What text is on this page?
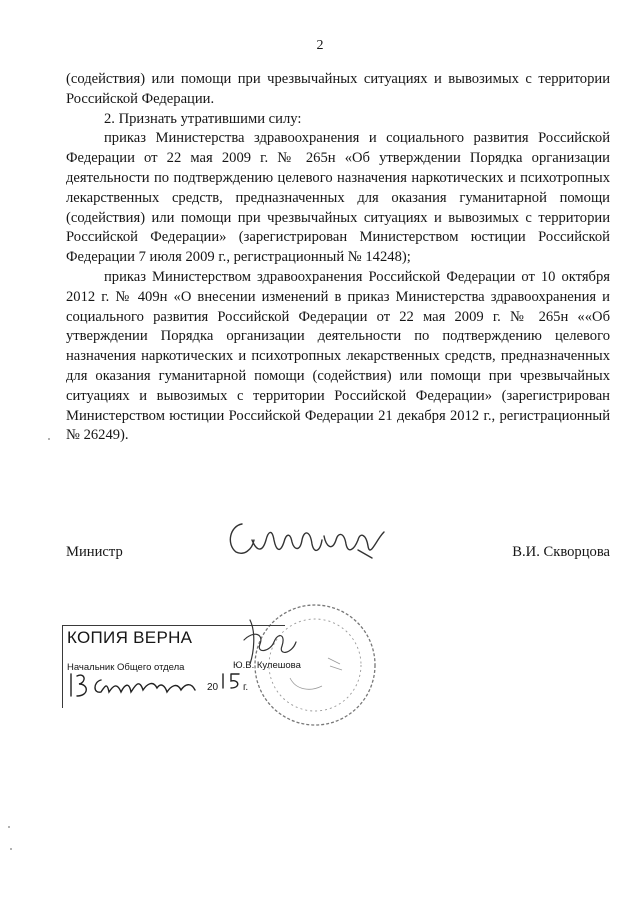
2

(содействия) или помощи при чрезвычайных ситуациях и вывозимых с территории Российской Федерации.

2. Признать утратившими силу:

приказ Министерства здравоохранения и социального развития Российской Федерации от 22 мая 2009 г. № 265н «Об утверждении Порядка организации деятельности по подтверждению целевого назначения наркотических и психотропных лекарственных средств, предназначенных для оказания гуманитарной помощи (содействия) или помощи при чрезвычайных ситуациях и вывозимых с территории Российской Федерации» (зарегистрирован Министерством юстиции Российской Федерации 7 июля 2009 г., регистрационный № 14248);

приказ Министерством здравоохранения Российской Федерации от 10 октября 2012 г. № 409н «О внесении изменений в приказ Министерства здравоохранения и социального развития Российской Федерации от 22 мая 2009 г. № 265н ««Об утверждении Порядка организации деятельности по подтверждению целевого назначения наркотических и психотропных лекарственных средств, предназначенных для оказания гуманитарной помощи (содействия) или помощи при чрезвычайных ситуациях и вывозимых с территории Российской Федерации» (зарегистрирован Министерством юстиции Российской Федерации 21 декабря 2012 г., регистрационный № 26249).

Министр	В.И. Скворцова
КОПИЯ ВЕРНА
Начальник Общего отдела	Ю.В. Кулешова
20 г.
